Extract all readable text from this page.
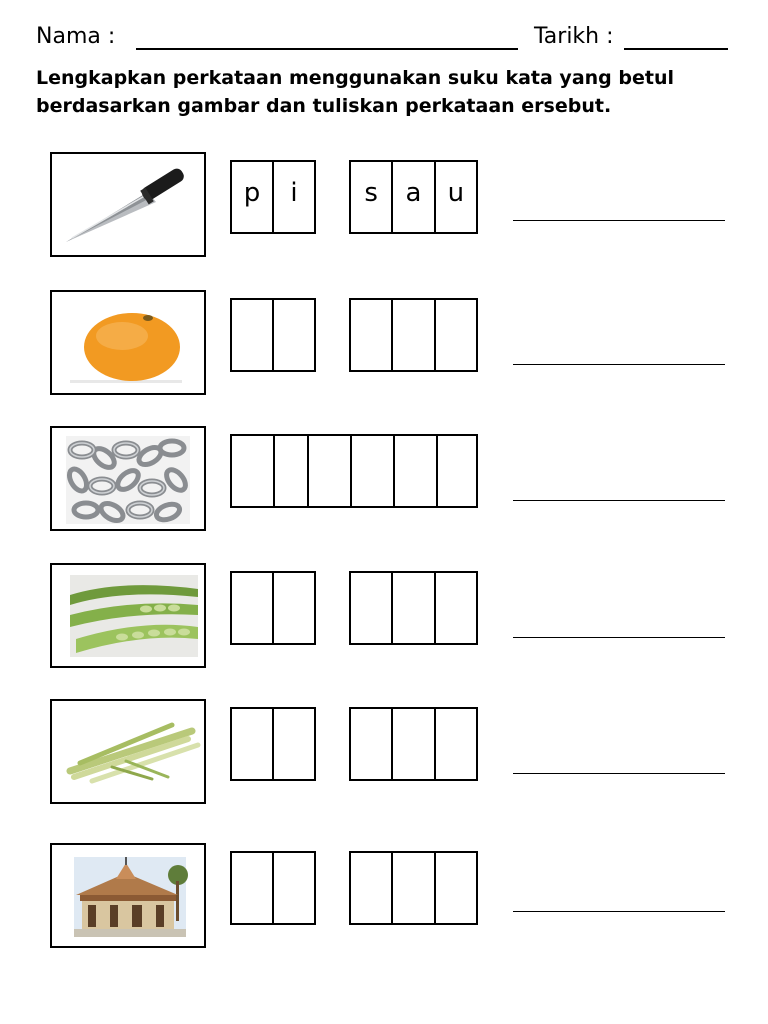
Nama :	Tarikh :
Lengkapkan perkataan menggunakan suku kata yang betul
berdasarkan gambar dan tuliskan perkataan ersebut.
p	i	s	a	u
